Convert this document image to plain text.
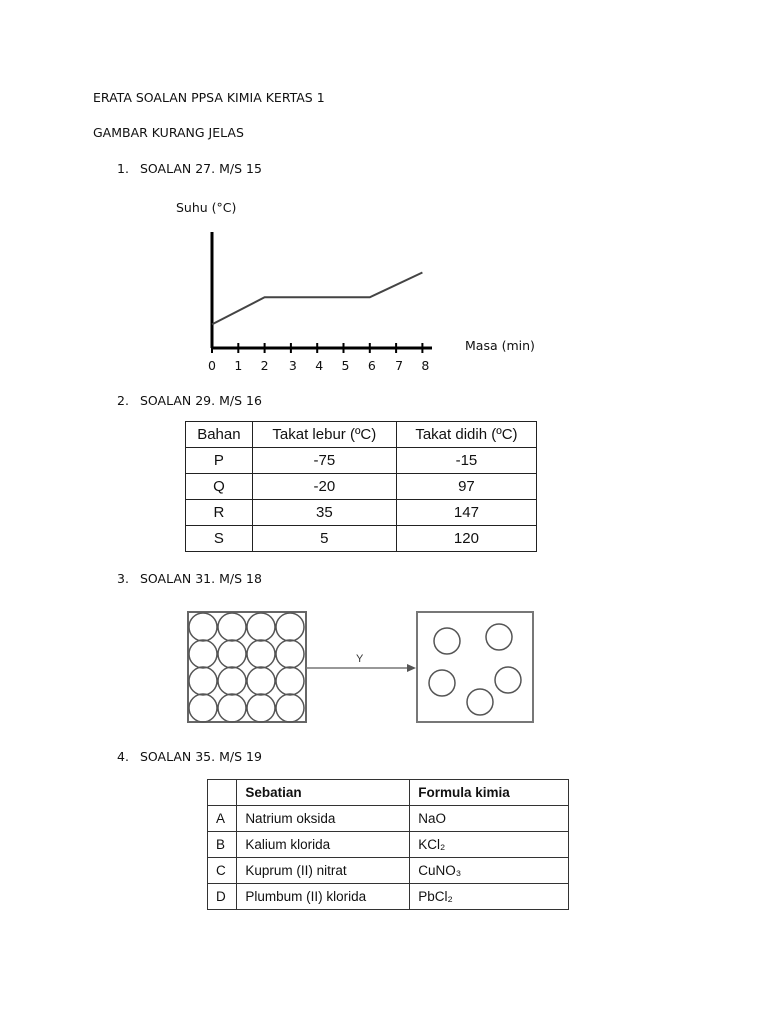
ERATA SOALAN PPSA KIMIA KERTAS 1
GAMBAR KURANG JELAS
1. SOALAN 27. M/S 15
Suhu (°C)
Masa (min)
0 1 2 3 4 5 6 7 8
2. SOALAN 29. M/S 16
Bahan	Takat lebur (ºC)	Takat didih (ºC)
P	-75	-15
Q	-20	97
R	35	147
S	5	120
3. SOALAN 31. M/S 18
Y
4. SOALAN 35. M/S 19
	Sebatian	Formula kimia
A	Natrium oksida	NaO
B	Kalium klorida	KCl₂
C	Kuprum (II) nitrat	CuNO₃
D	Plumbum (II) klorida	PbCl₂
